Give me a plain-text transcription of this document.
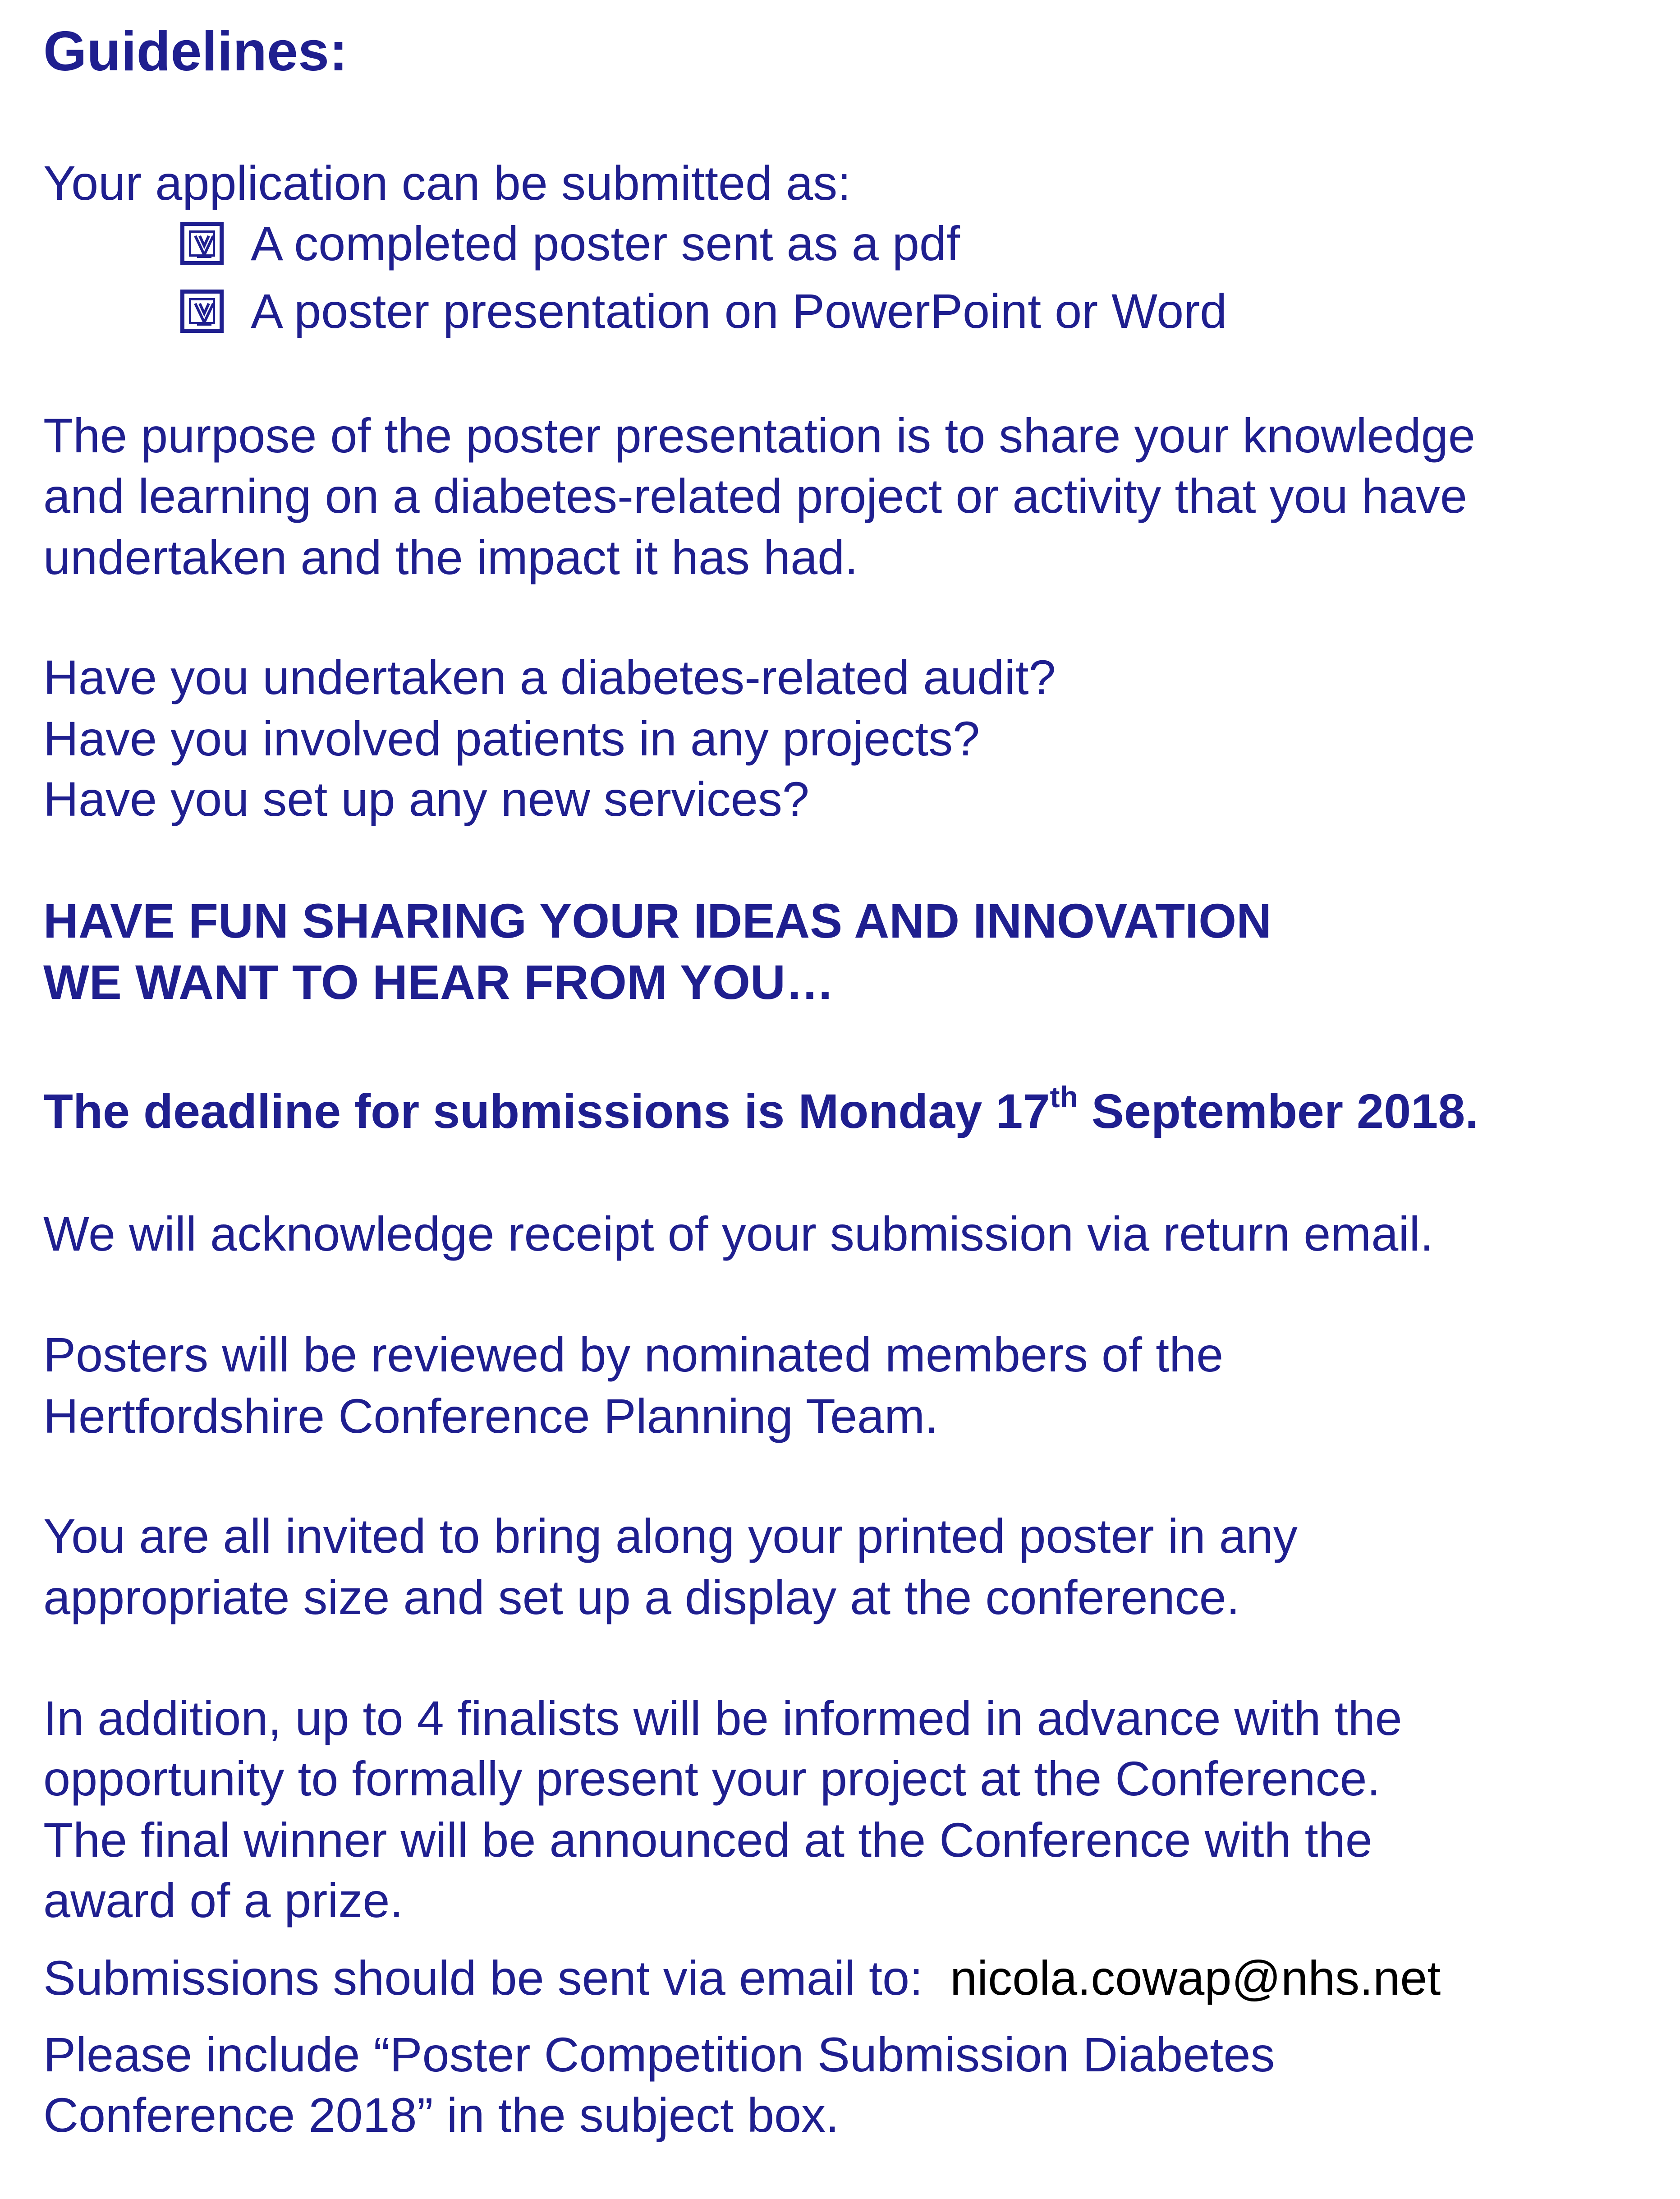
Guidelines:
Your application can be submitted as:
A completed poster sent as a pdf
A poster presentation on PowerPoint or Word
The purpose of the poster presentation is to share your knowledge
and learning on a diabetes-related project or activity that you have
undertaken and the impact it has had.
Have you undertaken a diabetes-related audit?
Have you involved patients in any projects?
Have you set up any new services?
HAVE FUN SHARING YOUR IDEAS AND INNOVATION
WE WANT TO HEAR FROM YOU…
The deadline for submissions is Monday 17th September 2018.
We will acknowledge receipt of your submission via return email.
Posters will be reviewed by nominated members of the
Hertfordshire Conference Planning Team.
You are all invited to bring along your printed poster in any
appropriate size and set up a display at the conference.
In addition, up to 4 finalists will be informed in advance with the
opportunity to formally present your project at the Conference.
The final winner will be announced at the Conference with the
award of a prize.
Submissions should be sent via email to: nicola.cowap@nhs.net
Please include “Poster Competition Submission Diabetes
Conference 2018” in the subject box.
